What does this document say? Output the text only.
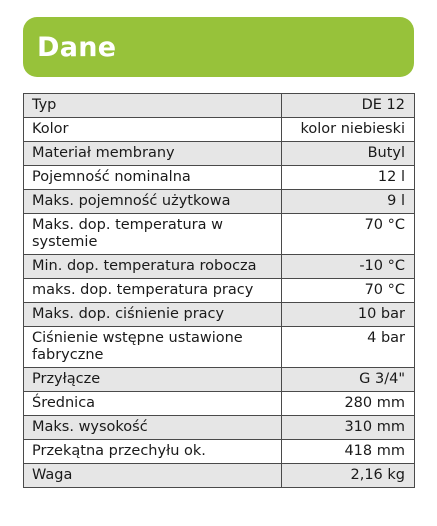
Dane
Typ	DE 12
Kolor	kolor niebieski
Materiał membrany	Butyl
Pojemność nominalna	12 l
Maks. pojemność użytkowa	9 l
Maks. dop. temperatura w systemie	70 °C
Min. dop. temperatura robocza	-10 °C
maks. dop. temperatura pracy	70 °C
Maks. dop. ciśnienie pracy	10 bar
Ciśnienie wstępne ustawione fabryczne	4 bar
Przyłącze	G 3/4"
Średnica	280 mm
Maks. wysokość	310 mm
Przekątna przechyłu ok.	418 mm
Waga	2,16 kg
